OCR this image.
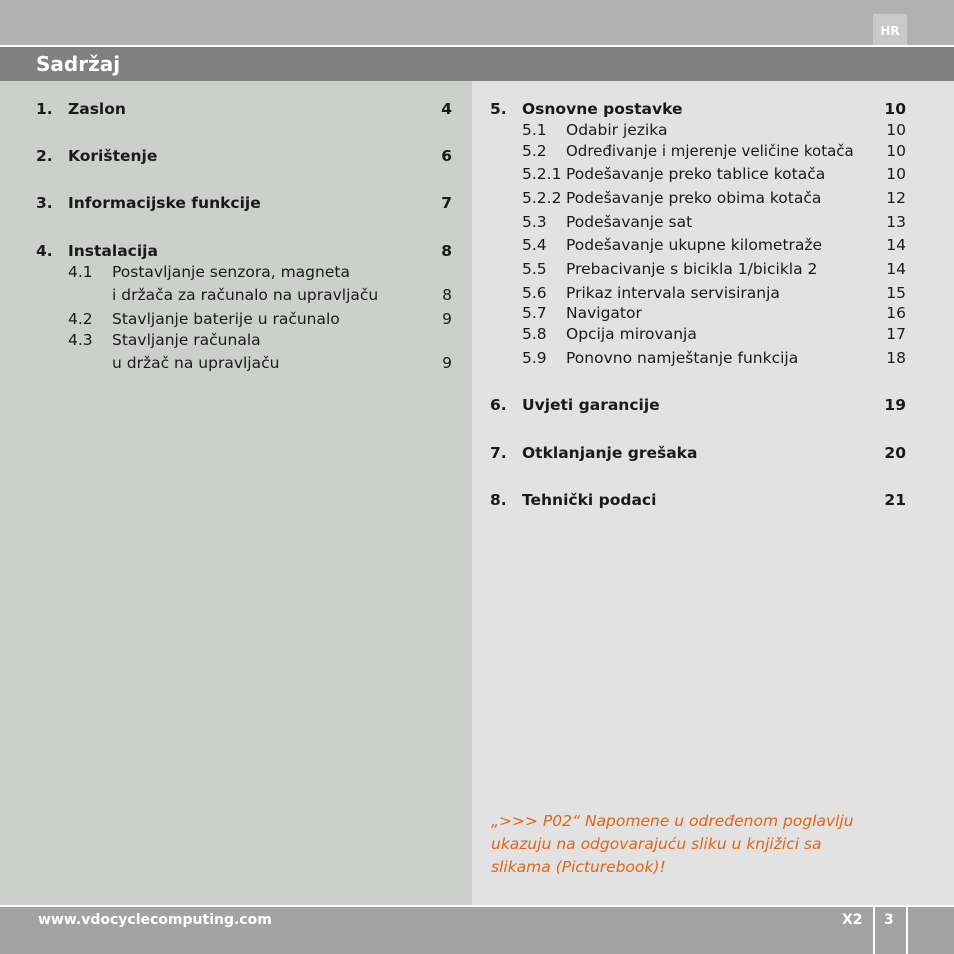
HR
Sadržaj
1. Zaslon	4
2. Korištenje	6
3. Informacijske funkcije	7
4. Instalacija	8
4.1 Postavljanje senzora, magneta
i držača za računalo na upravljaču	8
4.2 Stavljanje baterije u računalo	9
4.3 Stavljanje računala
u držač na upravljaču	9
5. Osnovne postavke	10
5.1 Odabir jezika	10
5.2 Određivanje i mjerenje veličine kotača 10
5.2.1 Podešavanje preko tablice kotača	10
5.2.2 Podešavanje preko obima kotača	12
5.3 Podešavanje sat	13
5.4 Podešavanje ukupne kilometraže	14
5.5 Prebacivanje s bicikla 1/bicikla 2	14
5.6 Prikaz intervala servisiranja	15
5.7 Navigator	16
5.8 Opcija mirovanja	17
5.9 Ponovno namještanje funkcija	18
6. Uvjeti garancije	19
7. Otklanjanje grešaka	20
8. Tehnički podaci	21
„>>> P02“ Napomene u određenom poglavlju
ukazuju na odgovarajuću sliku u knjižici sa
slikama (Picturebook)!
www.vdocyclecomputing.com	X2 3
